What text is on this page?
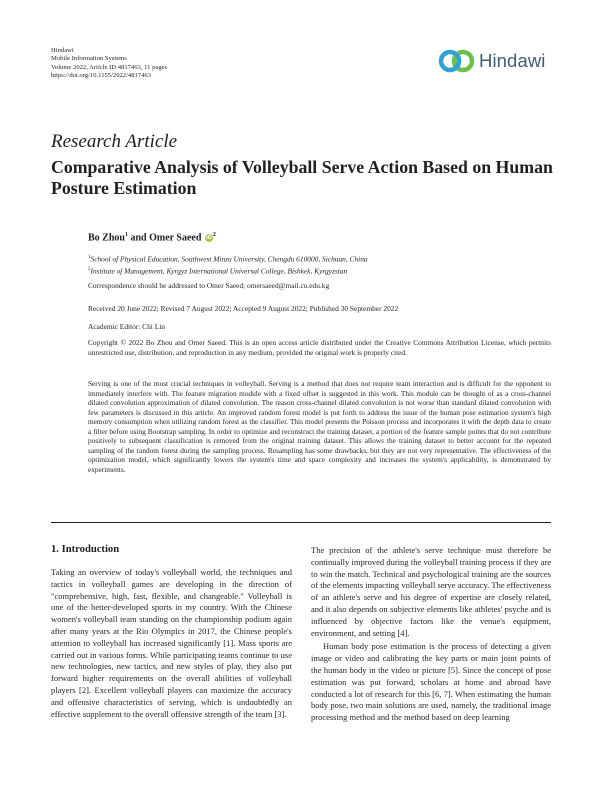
Hindawi
Mobile Information Systems
Volume 2022, Article ID 4817463, 11 pages
https://doi.org/10.1155/2022/4817463
Hindawi
Research Article
Comparative Analysis of Volleyball Serve Action Based on Human Posture Estimation
Bo Zhou$^1$ and Omer Saeed $iD^2$
$^1$School of Physical Education, Southwest Minzu University, Chengdu 610000, Sichuan, China
$^2$Institute of Management, Kyrgyz International Universal College, Bishkek, Kyrgyzstan
Correspondence should be addressed to Omer Saeed; omersaeed@mail.cu.edu.kg
Received 20 June 2022; Revised 7 August 2022; Accepted 9 August 2022; Published 30 September 2022
Academic Editor: Chi Lin

Copyright © 2022 Bo Zhou and Omer Saeed. This is an open access article distributed under the Creative Commons Attribution License, which permits unrestricted use, distribution, and reproduction in any medium, provided the original work is properly cited.

Serving is one of the most crucial techniques in volleyball. Serving is a method that does not require team interaction and is difficult for the opponent to immediately interfere with. The feature migration module with a fixed offset is suggested in this work. This module can be thought of as a cross-channel dilated convolution approximation of dilated convolution. The reason cross-channel dilated convolution is not worse than standard dilated convolution with few parameters is discussed in this article. An improved random forest model is put forth to address the issue of the human pose estimation system's high memory consumption when utilizing random forest as the classifier. This model presents the Poisson process and incorporates it with the depth data to create a filter before using Bootstrap sampling. In order to optimize and reconstruct the training dataset, a portion of the feature sample points that do not contribute positively to subsequent classification is removed from the original training dataset. This allows the training dataset to better account for the repeated sampling of the random forest during the sampling process. Resampling has some drawbacks, but they are not very representative. The effectiveness of the optimization model, which significantly lowers the system's time and space complexity and increases the system's applicability, is demonstrated by experiments.

1. Introduction

Taking an overview of today's volleyball world, the techniques and tactics in volleyball games are developing in the direction of "comprehensive, high, fast, flexible, and changeable." Volleyball is one of the better-developed sports in my country. With the Chinese women's volleyball team standing on the championship podium again after many years at the Rio Olympics in 2017, the Chinese people's attention to volleyball has increased significantly [1]. Mass sports are carried out in various forms. While participating teams continue to use new technologies, new tactics, and new styles of play, they also put forward higher requirements on the overall abilities of volleyball players [2]. Excellent volleyball players can maximize the accuracy and offensive characteristics of serving, which is undoubtedly an effective supplement to the overall offensive strength of the team [3].

The precision of the athlete's serve technique must therefore be continually improved during the volleyball training process if they are to win the match. Technical and psychological training are the sources of the elements impacting volleyball serve accuracy. The effectiveness of an athlete's serve and his degree of expertise are closely related, and it also depends on subjective elements like athletes' psyche and is influenced by objective factors like the venue's equipment, environment, and setting [4].

Human body pose estimation is the process of detecting a given image or video and calibrating the key parts or main joint points of the human body in the video or picture [5]. Since the concept of pose estimation was put forward, scholars at home and abroad have conducted a lot of research for this [6, 7]. When estimating the human body pose, two main solutions are used, namely, the traditional image processing method and the method based on deep learning
